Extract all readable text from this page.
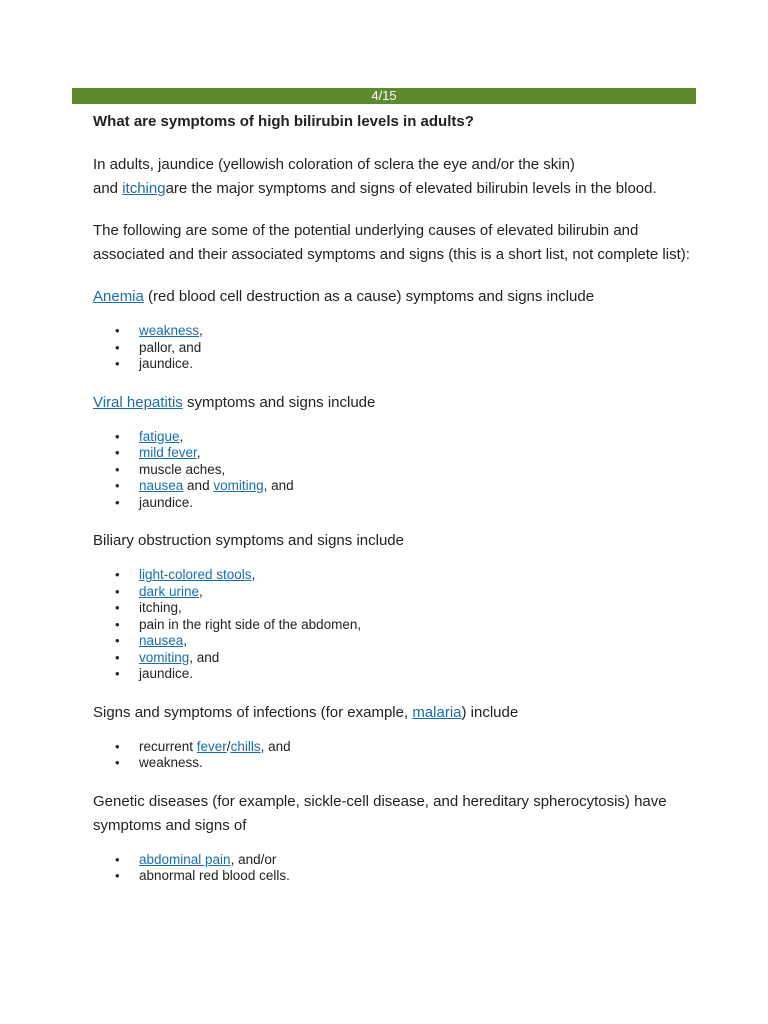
4/15
What are symptoms of high bilirubin levels in adults?

In adults, jaundice (yellowish coloration of sclera the eye and/or the skin)
and itchingare the major symptoms and signs of elevated bilirubin levels in the blood.

The following are some of the potential underlying causes of elevated bilirubin and associated and their associated symptoms and signs (this is a short list, not complete list):

Anemia (red blood cell destruction as a cause) symptoms and signs include

• weakness,
• pallor, and
• jaundice.

Viral hepatitis symptoms and signs include

• fatigue,
• mild fever,
• muscle aches,
• nausea and vomiting, and
• jaundice.

Biliary obstruction symptoms and signs include

• light-colored stools,
• dark urine,
• itching,
• pain in the right side of the abdomen,
• nausea,
• vomiting, and
• jaundice.

Signs and symptoms of infections (for example, malaria) include

• recurrent fever/chills, and
• weakness.

Genetic diseases (for example, sickle-cell disease, and hereditary spherocytosis) have symptoms and signs of

• abdominal pain, and/or
• abnormal red blood cells.
